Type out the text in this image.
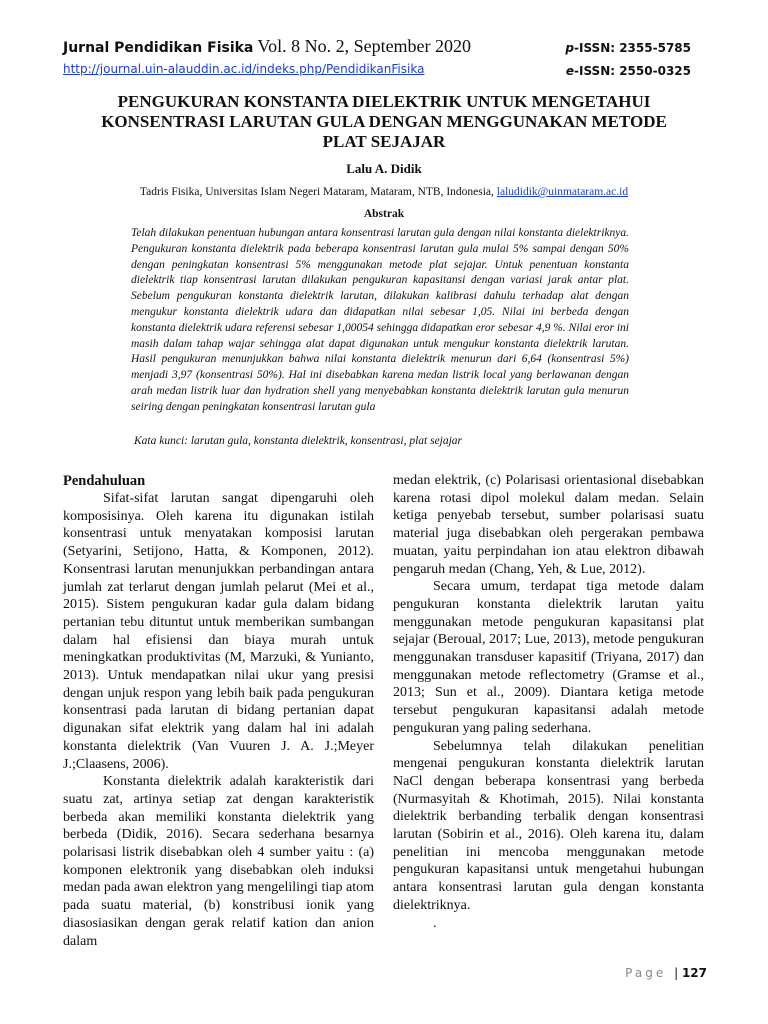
Jurnal Pendidikan Fisika Vol. 8 No. 2, September 2020
http://journal.uin-alauddin.ac.id/indeks.php/PendidikanFisika
p-ISSN: 2355-5785
e-ISSN: 2550-0325
PENGUKURAN KONSTANTA DIELEKTRIK UNTUK MENGETAHUI
KONSENTRASI LARUTAN GULA DENGAN MENGGUNAKAN METODE
PLAT SEJAJAR
Lalu A. Didik
Tadris Fisika, Universitas Islam Negeri Mataram, Mataram, NTB, Indonesia, laludidik@uinmataram.ac.id
Abstrak
Telah dilakukan penentuan hubungan antara konsentrasi larutan gula dengan nilai konstanta dielektriknya. Pengukuran konstanta dielektrik pada beberapa konsentrasi larutan gula mulai 5% sampai dengan 50% dengan peningkatan konsentrasi 5% menggunakan metode plat sejajar. Untuk penentuan konstanta dielektrik tiap konsentrasi larutan dilakukan pengukuran kapasitansi dengan variasi jarak antar plat. Sebelum pengukuran konstanta dielektrik larutan, dilakukan kalibrasi dahulu terhadap alat dengan mengukur konstanta dielektrik udara dan didapatkan nilai sebesar 1,05. Nilai ini berbeda dengan konstanta dielektrik udara referensi sebesar 1,00054 sehingga didapatkan eror sebesar 4,9 %. Nilai eror ini masih dalam tahap wajar sehingga alat dapat digunakan untuk mengukur konstanta dielektrik larutan. Hasil pengukuran menunjukkan bahwa nilai konstanta dielektrik menurun dari 6,64 (konsentrasi 5%) menjadi 3,97 (konsentrasi 50%). Hal ini disebabkan karena medan listrik local yang berlawanan dengan arah medan listrik luar dan hydration shell yang menyebabkan konstanta dielektrik larutan gula menurun seiring dengan peningkatan konsentrasi larutan gula
Kata kunci: larutan gula, konstanta dielektrik, konsentrasi, plat sejajar
Pendahuluan

Sifat-sifat larutan sangat dipengaruhi oleh komposisinya. Oleh karena itu digunakan istilah konsentrasi untuk menyatakan komposisi larutan (Setyarini, Setijono, Hatta, & Komponen, 2012). Konsentrasi larutan menunjukkan perbandingan antara jumlah zat terlarut dengan jumlah pelarut (Mei et al., 2015). Sistem pengukuran kadar gula dalam bidang pertanian tebu dituntut untuk memberikan sumbangan dalam hal efisiensi dan biaya murah untuk meningkatkan produktivitas (M, Marzuki, & Yunianto, 2013). Untuk mendapatkan nilai ukur yang presisi dengan unjuk respon yang lebih baik pada pengukuran konsentrasi pada larutan di bidang pertanian dapat digunakan sifat elektrik yang dalam hal ini adalah konstanta dielektrik (Van Vuuren J. A. J.;Meyer J.;Claasens, 2006).

Konstanta dielektrik adalah karakteristik dari suatu zat, artinya setiap zat dengan karakteristik berbeda akan memiliki konstanta dielektrik yang berbeda (Didik, 2016). Secara sederhana besarnya polarisasi listrik disebabkan oleh 4 sumber yaitu : (a) komponen elektronik yang disebabkan oleh induksi medan pada awan elektron yang mengelilingi tiap atom pada suatu material, (b) konstribusi ionik yang diasosiasikan dengan gerak relatif kation dan anion dalam

medan elektrik, (c) Polarisasi orientasional disebabkan karena rotasi dipol molekul dalam medan. Selain ketiga penyebab tersebut, sumber polarisasi suatu material juga disebabkan oleh pergerakan pembawa muatan, yaitu perpindahan ion atau elektron dibawah pengaruh medan (Chang, Yeh, & Lue, 2012).

Secara umum, terdapat tiga metode dalam pengukuran konstanta dielektrik larutan yaitu menggunakan metode pengukuran kapasitansi plat sejajar (Beroual, 2017; Lue, 2013), metode pengukuran menggunakan transduser kapasitif (Triyana, 2017) dan menggunakan metode reflectometry (Gramse et al., 2013; Sun et al., 2009). Diantara ketiga metode tersebut pengukuran kapasitansi adalah metode pengukuran yang paling sederhana.

Sebelumnya telah dilakukan penelitian mengenai pengukuran konstanta dielektrik larutan NaCl dengan beberapa konsentrasi yang berbeda (Nurmasyitah & Khotimah, 2015). Nilai konstanta dielektrik berbanding terbalik dengan konsentrasi larutan (Sobirin et al., 2016). Oleh karena itu, dalam penelitian ini mencoba menggunakan metode pengukuran kapasitansi untuk mengetahui hubungan antara konsentrasi larutan gula dengan konstanta dielektriknya.

.

Page | 127
